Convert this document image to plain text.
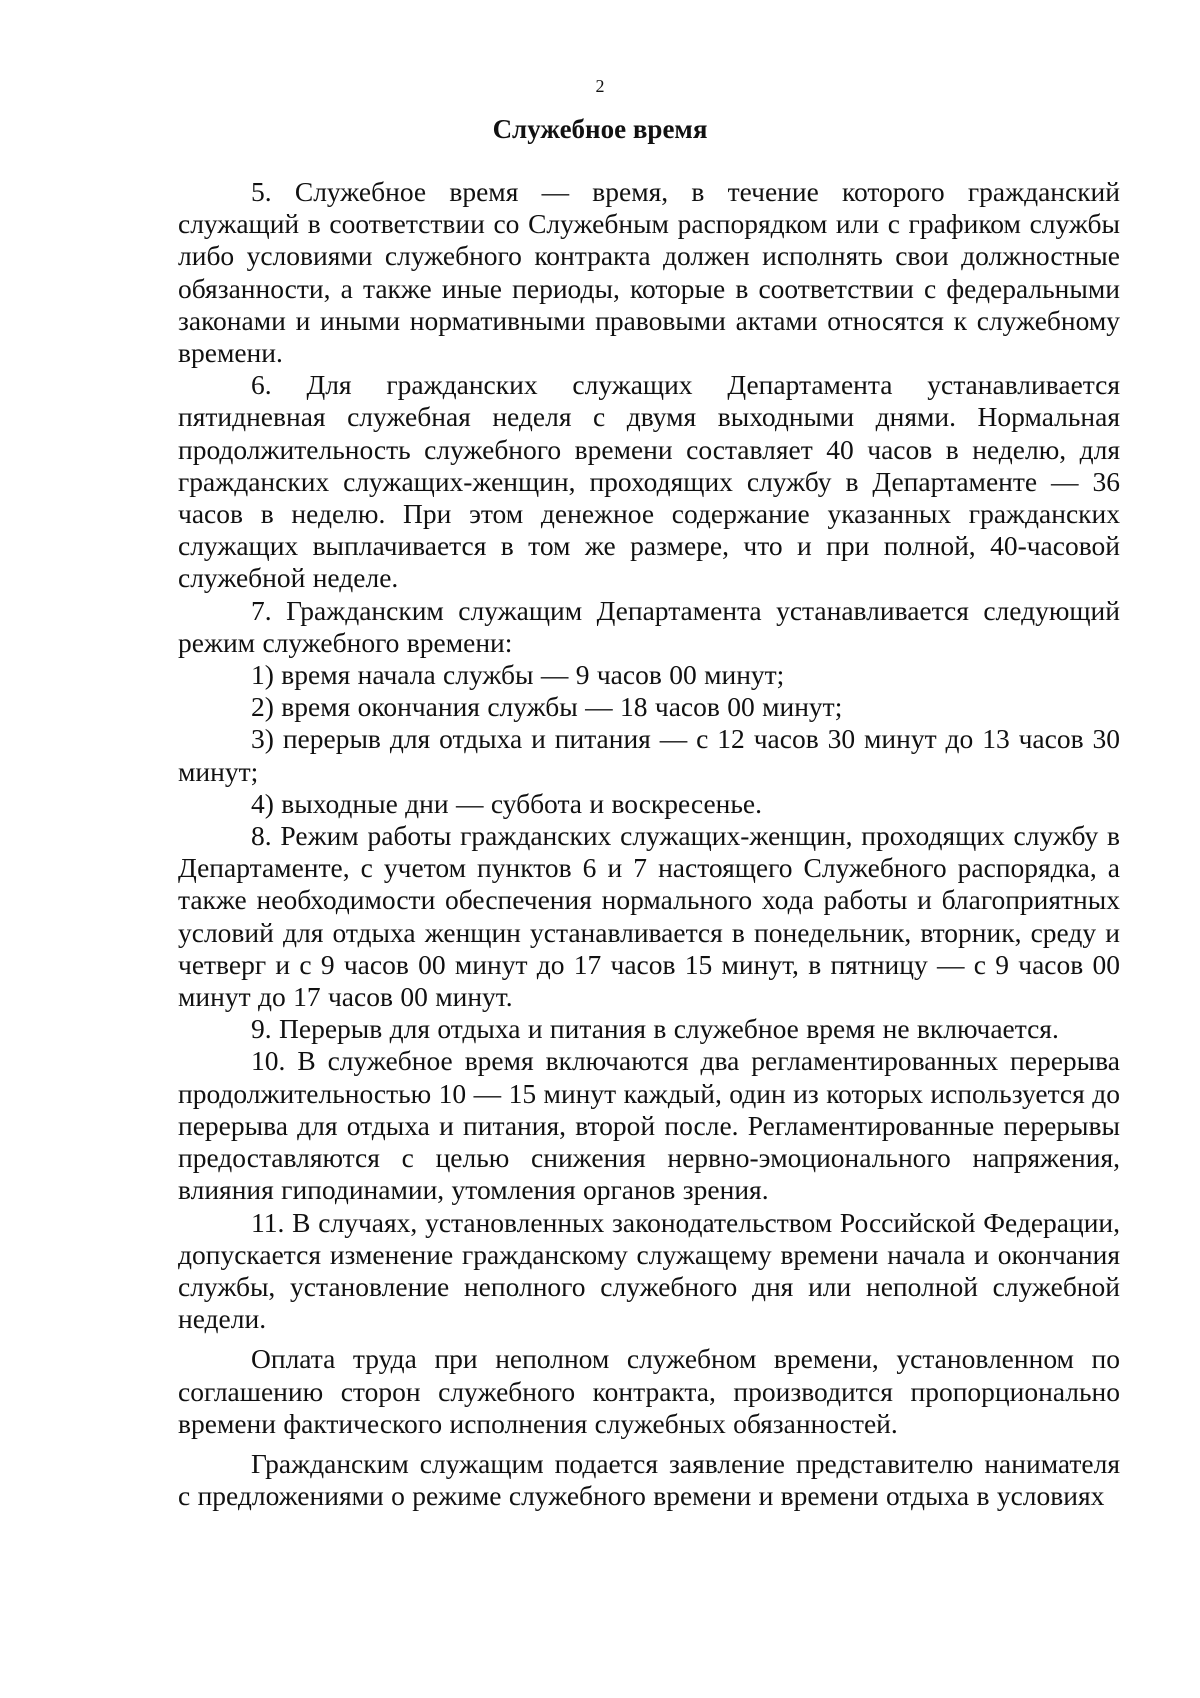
2
Служебное время

5. Служебное время — время, в течение которого гражданский служащий в соответствии со Служебным распорядком или с графиком службы либо условиями служебного контракта должен исполнять свои должностные обязанности, а также иные периоды, которые в соответствии с федеральными законами и иными нормативными правовыми актами относятся к служебному времени.

6. Для гражданских служащих Департамента устанавливается пятидневная служебная неделя с двумя выходными днями. Нормальная продолжительность служебного времени составляет 40 часов в неделю, для гражданских служащих-женщин, проходящих службу в Департаменте — 36 часов в неделю. При этом денежное содержание указанных гражданских служащих выплачивается в том же размере, что и при полной, 40-часовой служебной неделе.

7. Гражданским служащим Департамента устанавливается следующий режим служебного времени:

1) время начала службы — 9 часов 00 минут;

2) время окончания службы — 18 часов 00 минут;

3) перерыв для отдыха и питания — с 12 часов 30 минут до 13 часов 30 минут;

4) выходные дни — суббота и воскресенье.

8. Режим работы гражданских служащих-женщин, проходящих службу в Департаменте, с учетом пунктов 6 и 7 настоящего Служебного распорядка, а также необходимости обеспечения нормального хода работы и благоприятных условий для отдыха женщин устанавливается в понедельник, вторник, среду и четверг и с 9 часов 00 минут до 17 часов 15 минут, в пятницу — с 9 часов 00 минут до 17 часов 00 минут.

9. Перерыв для отдыха и питания в служебное время не включается.

10. В служебное время включаются два регламентированных перерыва продолжительностью 10 — 15 минут каждый, один из которых используется до перерыва для отдыха и питания, второй после. Регламентированные перерывы предоставляются с целью снижения нервно-эмоционального напряжения, влияния гиподинамии, утомления органов зрения.

11. В случаях, установленных законодательством Российской Федерации, допускается изменение гражданскому служащему времени начала и окончания службы, установление неполного служебного дня или неполной служебной недели.

Оплата труда при неполном служебном времени, установленном по соглашению сторон служебного контракта, производится пропорционально времени фактического исполнения служебных обязанностей.

Гражданским служащим подается заявление представителю нанимателя с предложениями о режиме служебного времени и времени отдыха в условиях
